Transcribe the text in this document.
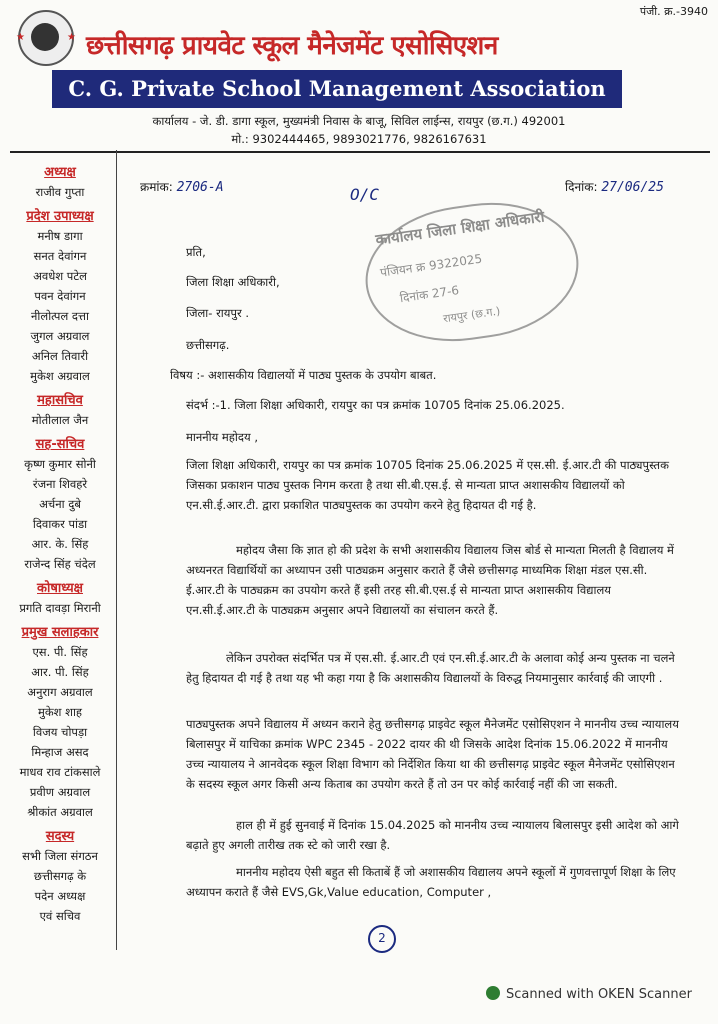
पंजी. क्र.-3940
★	★ छत्तीसगढ़ प्रायवेट स्कूल मैनेजमेंट एसोसिएशन
C. G. Private School Management Association
कार्यालय - जे. डी. डागा स्कूल, मुख्यमंत्री निवास के बाजू, सिविल लाईन्स, रायपुर (छ.ग.) 492001
मो.: 9302444465, 9893021776, 9826167631
अध्यक्ष
राजीव गुप्ता
प्रदेश उपाध्यक्ष
मनीष डागा
सनत देवांगन
अवधेश पटेल
पवन देवांगन
नीलोत्पल दत्ता
जुगल अग्रवाल
अनिल तिवारी
मुकेश अग्रवाल
महासचिव
मोतीलाल जैन
सह-सचिव
कृष्ण कुमार सोनी
रंजना शिवहरे
अर्चना दुबे
दिवाकर पांडा
आर. के. सिंह
राजेन्द सिंह चंदेल
कोषाध्यक्ष
प्रगति दावड़ा मिरानी
प्रमुख सलाहकार
एस. पी. सिंह
आर. पी. सिंह
अनुराग अग्रवाल
मुकेश शाह
विजय चोपड़ा
मिन्हाज असद
माधव राव टांकसाले
प्रवीण अग्रवाल
श्रीकांत अग्रवाल
सदस्य
सभी जिला संगठन
छत्तीसगढ़ के
पदेन अध्यक्ष
एवं सचिव
क्रमांक: 2706-A	दिनांक: 27/06/25
O/C
कार्यालय जिला शिक्षा अधिकारी
पंजियन क्र 9322025
दिनांक 27-6
रायपुर (छ.ग.)
प्रति,
जिला शिक्षा अधिकारी,
जिला- रायपुर .
छत्तीसगढ़.
विषय :- अशासकीय विद्यालयों में पाठ्य पुस्तक के उपयोग बाबत.
संदर्भ :-1. जिला शिक्षा अधिकारी, रायपुर का पत्र क्रमांक 10705 दिनांक 25.06.2025.
माननीय महोदय ,
जिला शिक्षा अधिकारी, रायपुर का पत्र क्रमांक 10705 दिनांक 25.06.2025 में एस.सी. ई.आर.टी की पाठ्यपुस्तक जिसका प्रकाशन पाठ्य पुस्तक निगम करता है तथा सी.बी.एस.ई. से मान्यता प्राप्त अशासकीय विद्यालयों को एन.सी.ई.आर.टी. द्वारा प्रकाशित पाठ्यपुस्तक का उपयोग करने हेतु हिदायत दी गई है.
महोदय जैसा कि ज्ञात हो की प्रदेश के सभी अशासकीय विद्यालय जिस बोर्ड से मान्यता मिलती है विद्यालय में अध्यनरत विद्यार्थियों का अध्यापन उसी पाठ्यक्रम अनुसार कराते हैं जैसे छत्तीसगढ़ माध्यमिक शिक्षा मंडल एस.सी. ई.आर.टी के पाठ्यक्रम का उपयोग करते हैं इसी तरह सी.बी.एस.ई से मान्यता प्राप्त अशासकीय विद्यालय एन.सी.ई.आर.टी के पाठ्यक्रम अनुसार अपने विद्यालयों का संचालन करते हैं.
लेकिन उपरोक्त संदर्भित पत्र में एस.सी. ई.आर.टी एवं एन.सी.ई.आर.टी के अलावा कोई अन्य पुस्तक ना चलने हेतु हिदायत दी गई है तथा यह भी कहा गया है कि अशासकीय विद्यालयों के विरुद्ध नियमानुसार कार्रवाई की जाएगी .
पाठ्यपुस्तक अपने विद्यालय में अध्यन कराने हेतु छत्तीसगढ़ प्राइवेट स्कूल मैनेजमेंट एसोसिएशन ने माननीय उच्च न्यायालय बिलासपुर में याचिका क्रमांक WPC 2345 - 2022 दायर की थी जिसके आदेश दिनांक 15.06.2022 में माननीय उच्च न्यायालय ने आनवेदक स्कूल शिक्षा विभाग को निर्देशित किया था की छत्तीसगढ़ प्राइवेट स्कूल मैनेजमेंट एसोसिएशन के सदस्य स्कूल अगर किसी अन्य किताब का उपयोग करते हैं तो उन पर कोई कार्रवाई नहीं की जा सकती.
हाल ही में हुई सुनवाई में दिनांक 15.04.2025 को माननीय उच्च न्यायालय बिलासपुर इसी आदेश को आगे बढ़ाते हुए अगली तारीख तक स्टे को जारी रखा है.
माननीय महोदय ऐसी बहुत सी किताबें हैं जो अशासकीय विद्यालय अपने स्कूलों में गुणवत्तापूर्ण शिक्षा के लिए अध्यापन कराते हैं जैसे EVS,Gk,Value education, Computer ,
2
Scanned with OKEN Scanner
